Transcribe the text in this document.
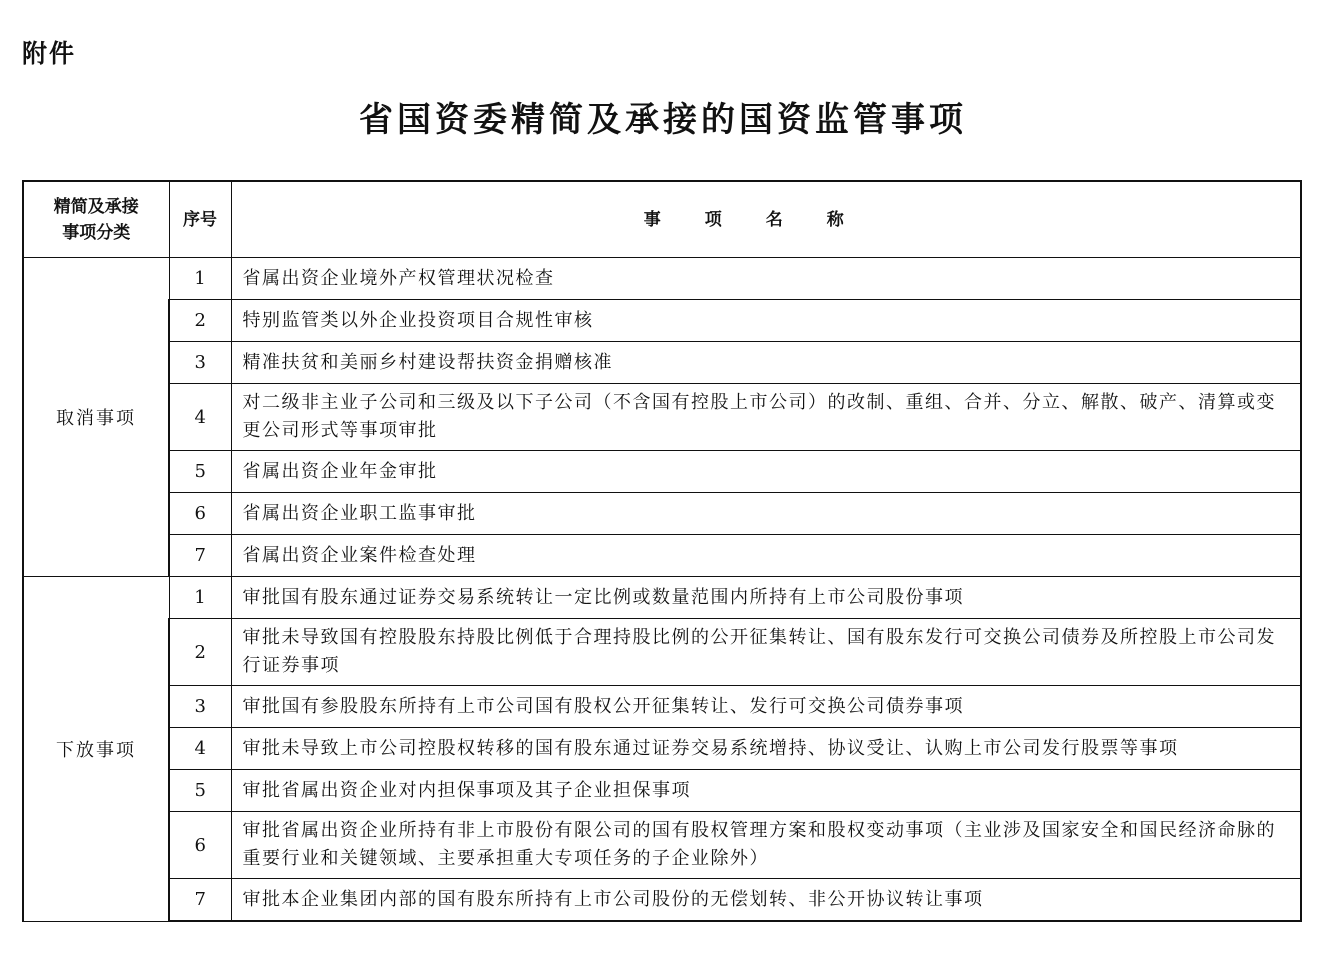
附件
省国资委精简及承接的国资监管事项
精简及承接
事项分类	序号	事项名称
取消事项	1	省属出资企业境外产权管理状况检查
	2	特别监管类以外企业投资项目合规性审核
	3	精准扶贫和美丽乡村建设帮扶资金捐赠核准
	4	对二级非主业子公司和三级及以下子公司（不含国有控股上市公司）的改制、重组、合并、分立、解散、破产、清算或变更公司形式等事项审批
	5	省属出资企业年金审批
	6	省属出资企业职工监事审批
	7	省属出资企业案件检查处理
下放事项	1	审批国有股东通过证券交易系统转让一定比例或数量范围内所持有上市公司股份事项
	2	审批未导致国有控股股东持股比例低于合理持股比例的公开征集转让、国有股东发行可交换公司债券及所控股上市公司发行证券事项
	3	审批国有参股股东所持有上市公司国有股权公开征集转让、发行可交换公司债券事项
	4	审批未导致上市公司控股权转移的国有股东通过证券交易系统增持、协议受让、认购上市公司发行股票等事项
	5	审批省属出资企业对内担保事项及其子企业担保事项
	6	审批省属出资企业所持有非上市股份有限公司的国有股权管理方案和股权变动事项（主业涉及国家安全和国民经济命脉的重要行业和关键领域、主要承担重大专项任务的子企业除外）
	7	审批本企业集团内部的国有股东所持有上市公司股份的无偿划转、非公开协议转让事项
